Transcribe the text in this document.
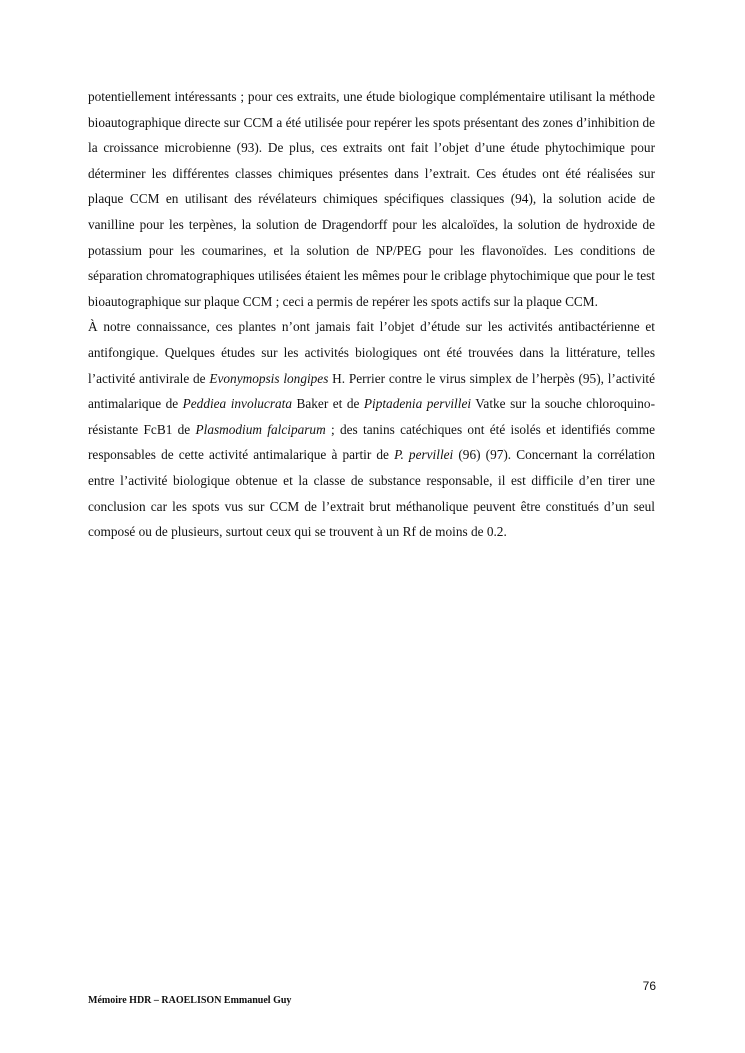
potentiellement intéressants ; pour ces extraits, une étude biologique complémentaire utilisant la méthode bioautographique directe sur CCM a été utilisée pour repérer les spots présentant des zones d’inhibition de la croissance microbienne (93). De plus, ces extraits ont fait l’objet d’une étude phytochimique pour déterminer les différentes classes chimiques présentes dans l’extrait. Ces études ont été réalisées sur plaque CCM en utilisant des révélateurs chimiques spécifiques classiques (94), la solution acide de vanilline pour les terpènes, la solution de Dragendorff pour les alcaloïdes, la solution de hydroxide de potassium pour les coumarines, et la solution de NP/PEG pour les flavonoïdes. Les conditions de séparation chromatographiques utilisées étaient les mêmes pour le criblage phytochimique que pour le test bioautographique sur plaque CCM ; ceci a permis de repérer les spots actifs sur la plaque CCM.

À notre connaissance, ces plantes n’ont jamais fait l’objet d’étude sur les activités antibactérienne et antifongique. Quelques études sur les activités biologiques ont été trouvées dans la littérature, telles l’activité antivirale de Evonymopsis longipes H. Perrier contre le virus simplex de l’herpès (95), l’activité antimalarique de Peddiea involucrata Baker et de Piptadenia pervillei Vatke sur la souche chloroquino-résistante FcB1 de Plasmodium falciparum ; des tanins catéchiques ont été isolés et identifiés comme responsables de cette activité antimalarique à partir de P. pervillei (96) (97). Concernant la corrélation entre l’activité biologique obtenue et la classe de substance responsable, il est difficile d’en tirer une conclusion car les spots vus sur CCM de l’extrait brut méthanolique peuvent être constitués d’un seul composé ou de plusieurs, surtout ceux qui se trouvent à un Rf de moins de 0.2.

76
Mémoire HDR – RAOELISON Emmanuel Guy
